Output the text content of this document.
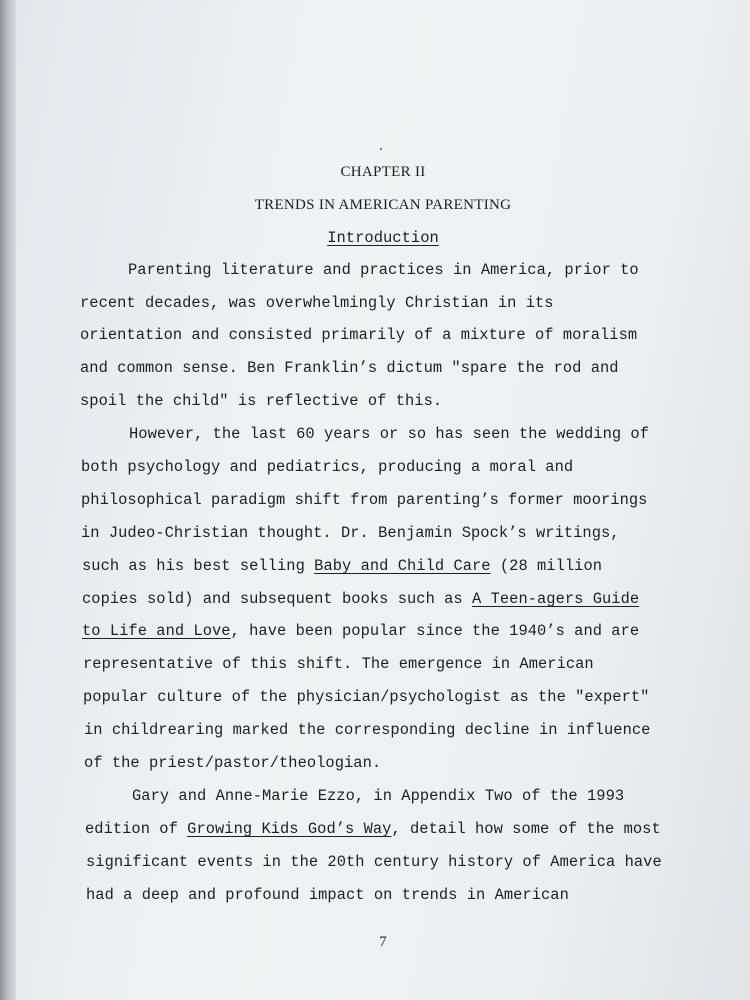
CHAPTER II
TRENDS IN AMERICAN PARENTING
Introduction
Parenting literature and practices in America, prior to
recent decades, was overwhelmingly Christian in its
orientation and consisted primarily of a mixture of moralism
and common sense. Ben Franklin’s dictum "spare the rod and
spoil the child" is reflective of this.
However, the last 60 years or so has seen the wedding of
both psychology and pediatrics, producing a moral and
philosophical paradigm shift from parenting’s former moorings
in Judeo-Christian thought. Dr. Benjamin Spock’s writings,
such as his best selling Baby and Child Care (28 million
copies sold) and subsequent books such as A Teen-agers Guide
to Life and Love, have been popular since the 1940’s and are
representative of this shift. The emergence in American
popular culture of the physician/psychologist as the "expert"
in childrearing marked the corresponding decline in influence
of the priest/pastor/theologian.
Gary and Anne-Marie Ezzo, in Appendix Two of the 1993
edition of Growing Kids God’s Way, detail how some of the most
significant events in the 20th century history of America have
had a deep and profound impact on trends in American
7
